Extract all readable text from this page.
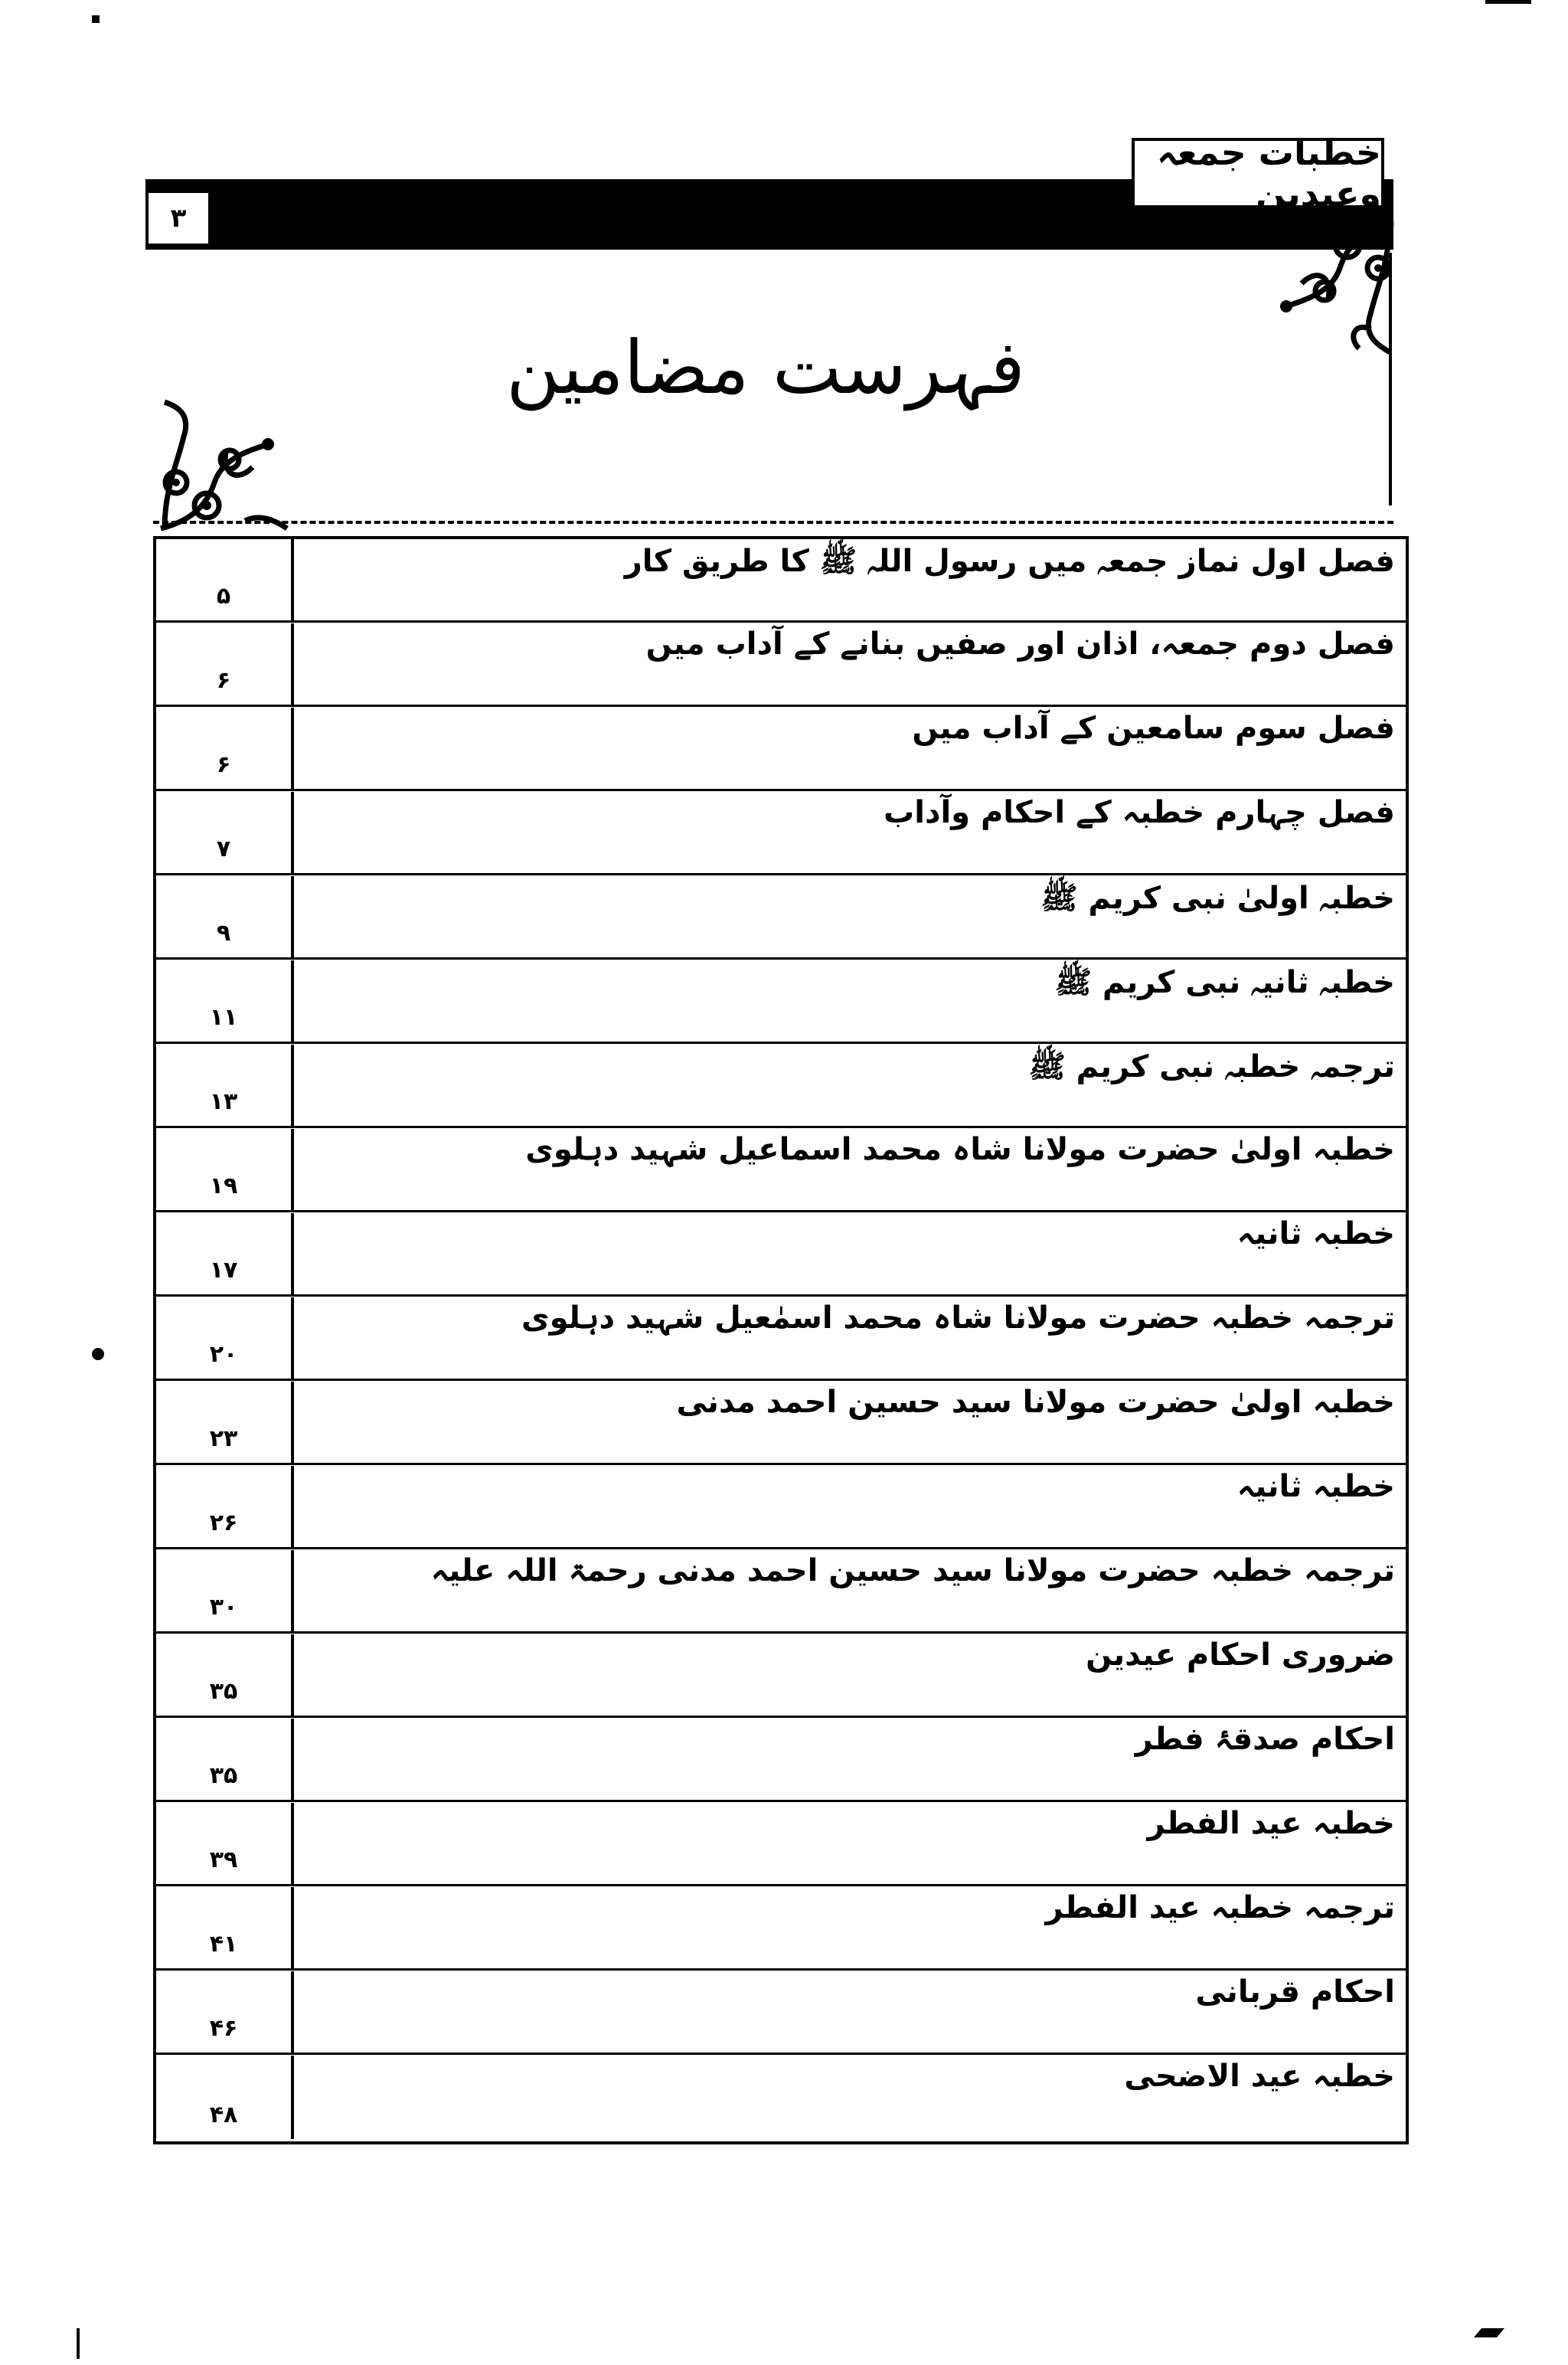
۳
خطبات جمعہ وعیدین
فہرست مضامین
۵
فصل اول نماز جمعہ میں رسول اللہ ﷺ کا طریق کار
۶
فصل دوم جمعہ، اذان اور صفیں بنانے کے آداب میں
۶
فصل سوم سامعین کے آداب میں
۷
فصل چہارم خطبہ کے احکام وآداب
۹
خطبہ اولیٰ نبی کریم ﷺ
۱۱
خطبہ ثانیہ نبی کریم ﷺ
۱۳
ترجمہ خطبہ نبی کریم ﷺ
۱۹
خطبہ اولیٰ حضرت مولانا شاہ محمد اسماعیل شہید دہلوی
۱۷
خطبہ ثانیہ
۲۰
ترجمہ خطبہ حضرت مولانا شاہ محمد اسمٰعیل شہید دہلوی
۲۳
خطبہ اولیٰ حضرت مولانا سید حسین احمد مدنی
۲۶
خطبہ ثانیہ
۳۰
ترجمہ خطبہ حضرت مولانا سید حسین احمد مدنی رحمۃ اللہ علیہ
۳۵
ضروری احکام عیدین
۳۵
احکام صدقۂ فطر
۳۹
خطبہ عید الفطر
۴۱
ترجمہ خطبہ عید الفطر
۴۶
احکام قربانی
۴۸
خطبہ عید الاضحی
